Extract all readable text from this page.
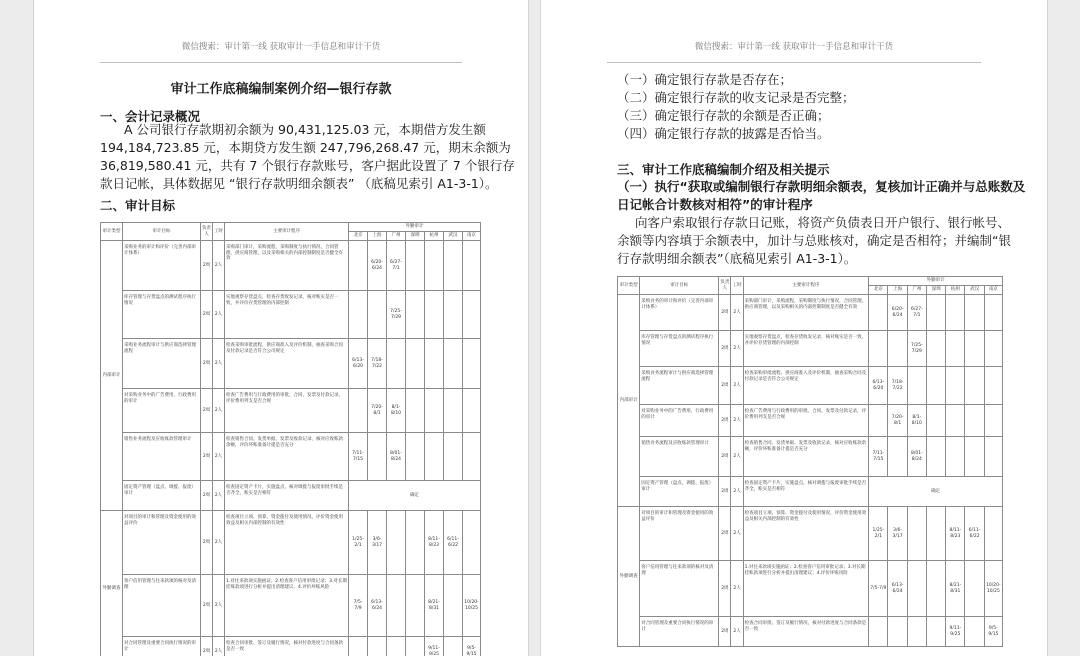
微信搜索：审计第一线 获取审计一手信息和审计干货
审计工作底稿编制案例介绍—银行存款
一、会计记录概况
A 公司银行存款期初余额为 90,431,125.03 元，本期借方发生额
194,184,723.85 元，本期贷方发生额 247,796,268.47 元，期末余额为
36,819,580.41 元，共有 7 个银行存款账号，客户据此设置了 7 个银行存
款日记帐，具体数据见 “银行存款明细余额表” （底稿见索引 A1-3-1）。
二、审计目标
审计类型	审计目标	负责人	工时	主要审计程序	外勤审计						
					北京	上海	广州	深圳	杭州	武汉	南京
内部审计	采购业务的审计和评价（完善内部审计体系）	2周	2人	采购部门审计，采购流程，采购制度与执行情况，合同管理，供应商管理，以及采购相关的内部控制制度是否健全有效		6/20-6/24	6/27-7/1				
	库存管理与存货盘点的测试程序执行情况	2周	2人	实地观察存货盘点，检查存货收发记录，核对账实是否一致，并评价存货管理的内部控制			7/25-7/29				
	采购业务流程审计与供应商选择管理流程	2周	2人	检查采购审批流程、供应商准入及评价机制，抽查采购合同及付款记录是否符合公司规定	6/13-6/20	7/18-7/22					
	对采购业务中的广告费用，行政费用的审计	2周	2人	检查广告费用与行政费用的审批、合同、发票及付款记录，评价费用列支是否合规		7/20-8/1	8/1-8/10				
	销售业务流程及应收账款管理审计	2周	2人	检查销售合同、发货单据、发票及收款记录，核对应收账款余额，评价坏账准备计提是否充分	7/11-7/15		8/01-8/24				
	固定资产管理（盘点、调拨、报废）审计	2周	2人	检查固定资产卡片，实施盘点，核对调拨与报废审批手续是否齐全，账实是否相符	确定						
外勤调查	对项目的审计和管理及资金使用的效益评价	2周	2人	检查项目立项、预算、资金拨付及使用情况，评价资金使用效益及相关内部控制的有效性	1/25-2/1	3/6-3/17			8/11-8/23	6/11-6/22	
	客户信用管理与往来款项的核对及清理	2周	2人	1.对往来款项实施函证；2.检查客户信用审批记录；3.对长期挂账款项进行分析并提出清理建议；4.评价坏账风险	7/5-7/9	6/13-6/24			8/21-8/31		10/20-10/25
	对合同管理及重要合同执行情况的审计	2周	2人	检查合同审批、签订及履行情况，核对付款进度与合同条款是否一致					9/11-9/25		9/5-9/15
微信搜索：审计第一线 获取审计一手信息和审计干货
（一）确定银行存款是否存在；
（二）确定银行存款的收支记录是否完整；
（三）确定银行存款的余额是否正确；
（四）确定银行存款的披露是否恰当。
三、审计工作底稿编制介绍及相关提示
（一）执行“获取或编制银行存款明细余额表，复核加计正确并与总账数及
日记帐合计数核对相符”的审计程序
向客户索取银行存款日记账，将资产负债表日开户银行、银行帐号、
余额等内容填于余额表中，加计与总账核对，确定是否相符；并编制“银
行存款明细余额表”（底稿见索引 A1-3-1）。
审计类型	审计目标	负责人	工时	主要审计程序	外勤审计						
					北京	上海	广州	深圳	杭州	武汉	南京
内部审计	采购业务的审计和评价（完善内部审计体系）	2周	2人	采购部门审计，采购流程，采购制度与执行情况，合同管理，供应商管理，以及采购相关的内部控制制度是否健全有效		6/20-6/24	6/27-7/1				
	库存管理与存货盘点的测试程序执行情况	2周	2人	实地观察存货盘点，检查存货收发记录，核对账实是否一致，并评价存货管理的内部控制			7/25-7/29				
	采购业务流程审计与供应商选择管理流程	2周	2人	检查采购审批流程、供应商准入及评价机制，抽查采购合同及付款记录是否符合公司规定	6/13-6/20	7/18-7/22					
	对采购业务中的广告费用，行政费用的审计	2周	2人	检查广告费用与行政费用的审批、合同、发票及付款记录，评价费用列支是否合规		7/20-8/1	8/1-8/10				
	销售业务流程及应收账款管理审计	2周	2人	检查销售合同、发货单据、发票及收款记录，核对应收账款余额，评价坏账准备计提是否充分	7/11-7/15		8/01-8/24				
	固定资产管理（盘点、调拨、报废）审计	2周	2人	检查固定资产卡片，实施盘点，核对调拨与报废审批手续是否齐全，账实是否相符	确定						
外勤调查	对项目的审计和管理及资金使用的效益评价	2周	2人	检查项目立项、预算、资金拨付及使用情况，评价资金使用效益及相关内部控制的有效性	1/25-2/1	3/6-3/17			8/11-8/23	6/11-6/22	
	客户信用管理与往来款项的核对及清理	2周	2人	1.对往来款项实施函证；2.检查客户信用审批记录；3.对长期挂账款项进行分析并提出清理建议；4.评价坏账风险	7/5-7/9	6/13-6/24			8/21-8/31		10/20-10/25
	对合同管理及重要合同执行情况的审计	2周	2人	检查合同审批、签订及履行情况，核对付款进度与合同条款是否一致					9/11-9/25		9/5-9/15
